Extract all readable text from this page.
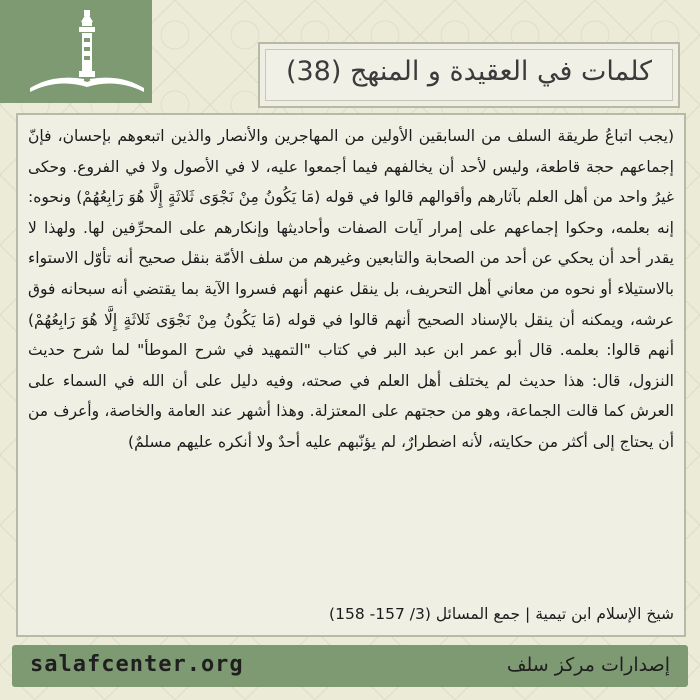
كلمات في العقيدة و المنهج (38)

(يجب اتباعُ طريقة السلف من السابقين الأولين من المهاجرين والأنصار والذين اتبعوهم بإحسان، فإنّ إجماعهم حجة قاطعة، وليس لأحد أن يخالفهم فيما أجمعوا عليه، لا في الأصول ولا في الفروع. وحكى غيرُ واحد من أهل العلم بآثارهم وأقوالهم قالوا في قوله (مَا يَكُونُ مِنْ نَجْوَى ثَلاثَةٍ إِلَّا هُوَ رَابِعُهُمْ) ونحوه: إنه بعلمه، وحكوا إجماعهم على إمرار آيات الصفات وأحاديثها وإنكارهم على المحرِّفين لها. ولهذا لا يقدر أحد أن يحكي عن أحد من الصحابة والتابعين وغيرهم من سلف الأمّة بنقل صحيح أنه تأوّل الاستواء بالاستيلاء أو نحوه من معاني أهل التحريف، بل ينقل عنهم أنهم فسروا الآية بما يقتضي أنه سبحانه فوق عرشه، ويمكنه أن ينقل بالإسناد الصحيح أنهم قالوا في قوله (مَا يَكُونُ مِنْ نَجْوَى ثَلاثَةٍ إِلَّا هُوَ رَابِعُهُمْ) أنهم قالوا: بعلمه. قال أبو عمر ابن عبد البر في كتاب "التمهيد في شرح الموطأ" لما شرح حديث النزول، قال: هذا حديث لم يختلف أهل العلم في صحته، وفيه دليل على أن الله في السماء على العرش كما قالت الجماعة، وهو من حجتهم على المعتزلة. وهذا أشهر عند العامة والخاصة، وأعرف من أن يحتاج إلى أكثر من حكايته، لأنه اضطرارٌ، لم يؤنّبهم عليه أحدٌ ولا أنكره عليهم مسلمٌ)

شيخ الإسلام ابن تيمية | جمع المسائل (3/ 157- 158)
salafcenter.org	إصدارات مركز سلف
